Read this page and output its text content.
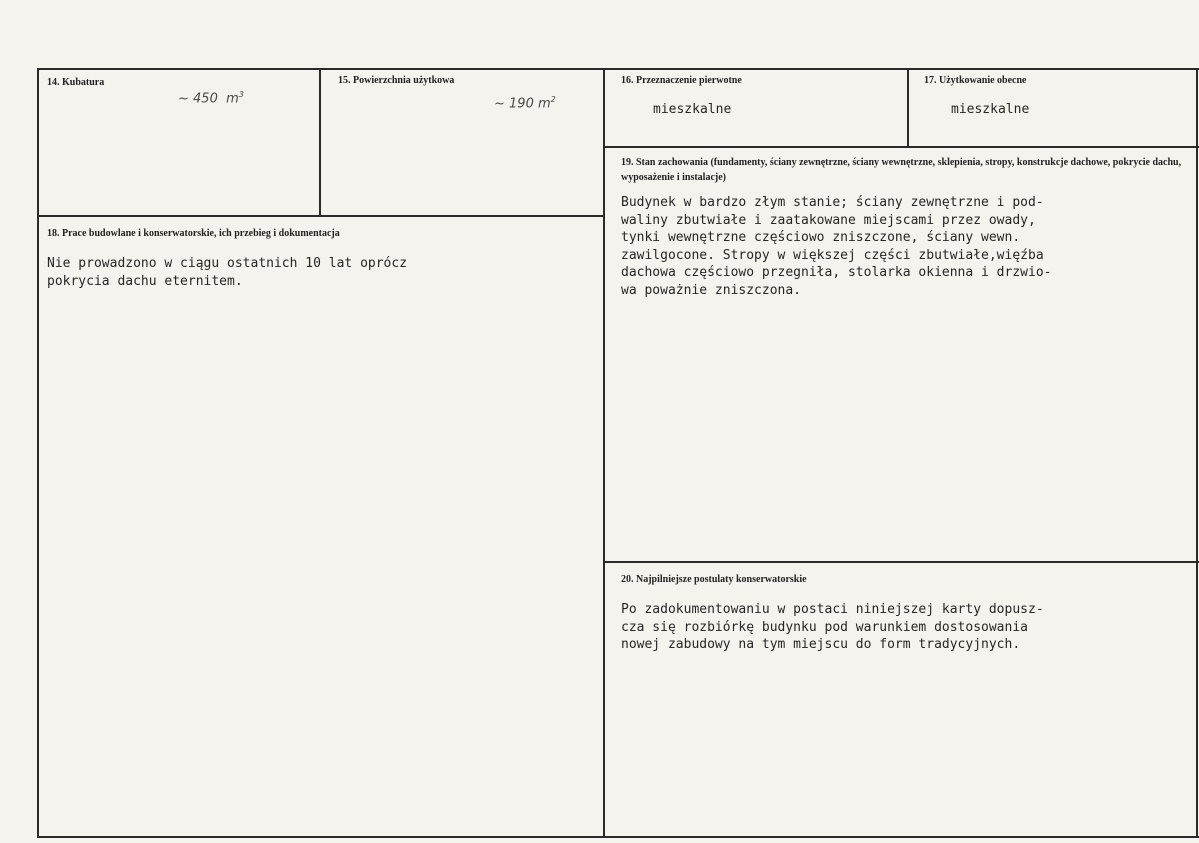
14. Kubatura
~ 450 $m^3$
15. Powierzchnia użytkowa
~ 190 $m^2$
16. Przeznaczenie pierwotne
mieszkalne
17. Użytkowanie obecne
mieszkalne
19. Stan zachowania (fundamenty, ściany zewnętrzne, ściany wewnętrzne, sklepienia, stropy, konstrukcje dachowe, pokrycie dachu, wyposażenie i instalacje)
Budynek w bardzo złym stanie; ściany zewnętrzne i pod-
waliny zbutwiałe i zaatakowane miejscami przez owady,
tynki wewnętrzne częściowo zniszczone, ściany wewn.
zawilgocone. Stropy w większej części zbutwiałe,więźba
dachowa częściowo przegniła, stolarka okienna i drzwio-
wa poważnie zniszczona.
18. Prace budowlane i konserwatorskie, ich przebieg i dokumentacja
Nie prowadzono w ciągu ostatnich 10 lat oprócz
pokrycia dachu eternitem.
20. Najpilniejsze postulaty konserwatorskie
Po zadokumentowaniu w postaci niniejszej karty dopusz-
cza się rozbiórkę budynku pod warunkiem dostosowania
nowej zabudowy na tym miejscu do form tradycyjnych.
